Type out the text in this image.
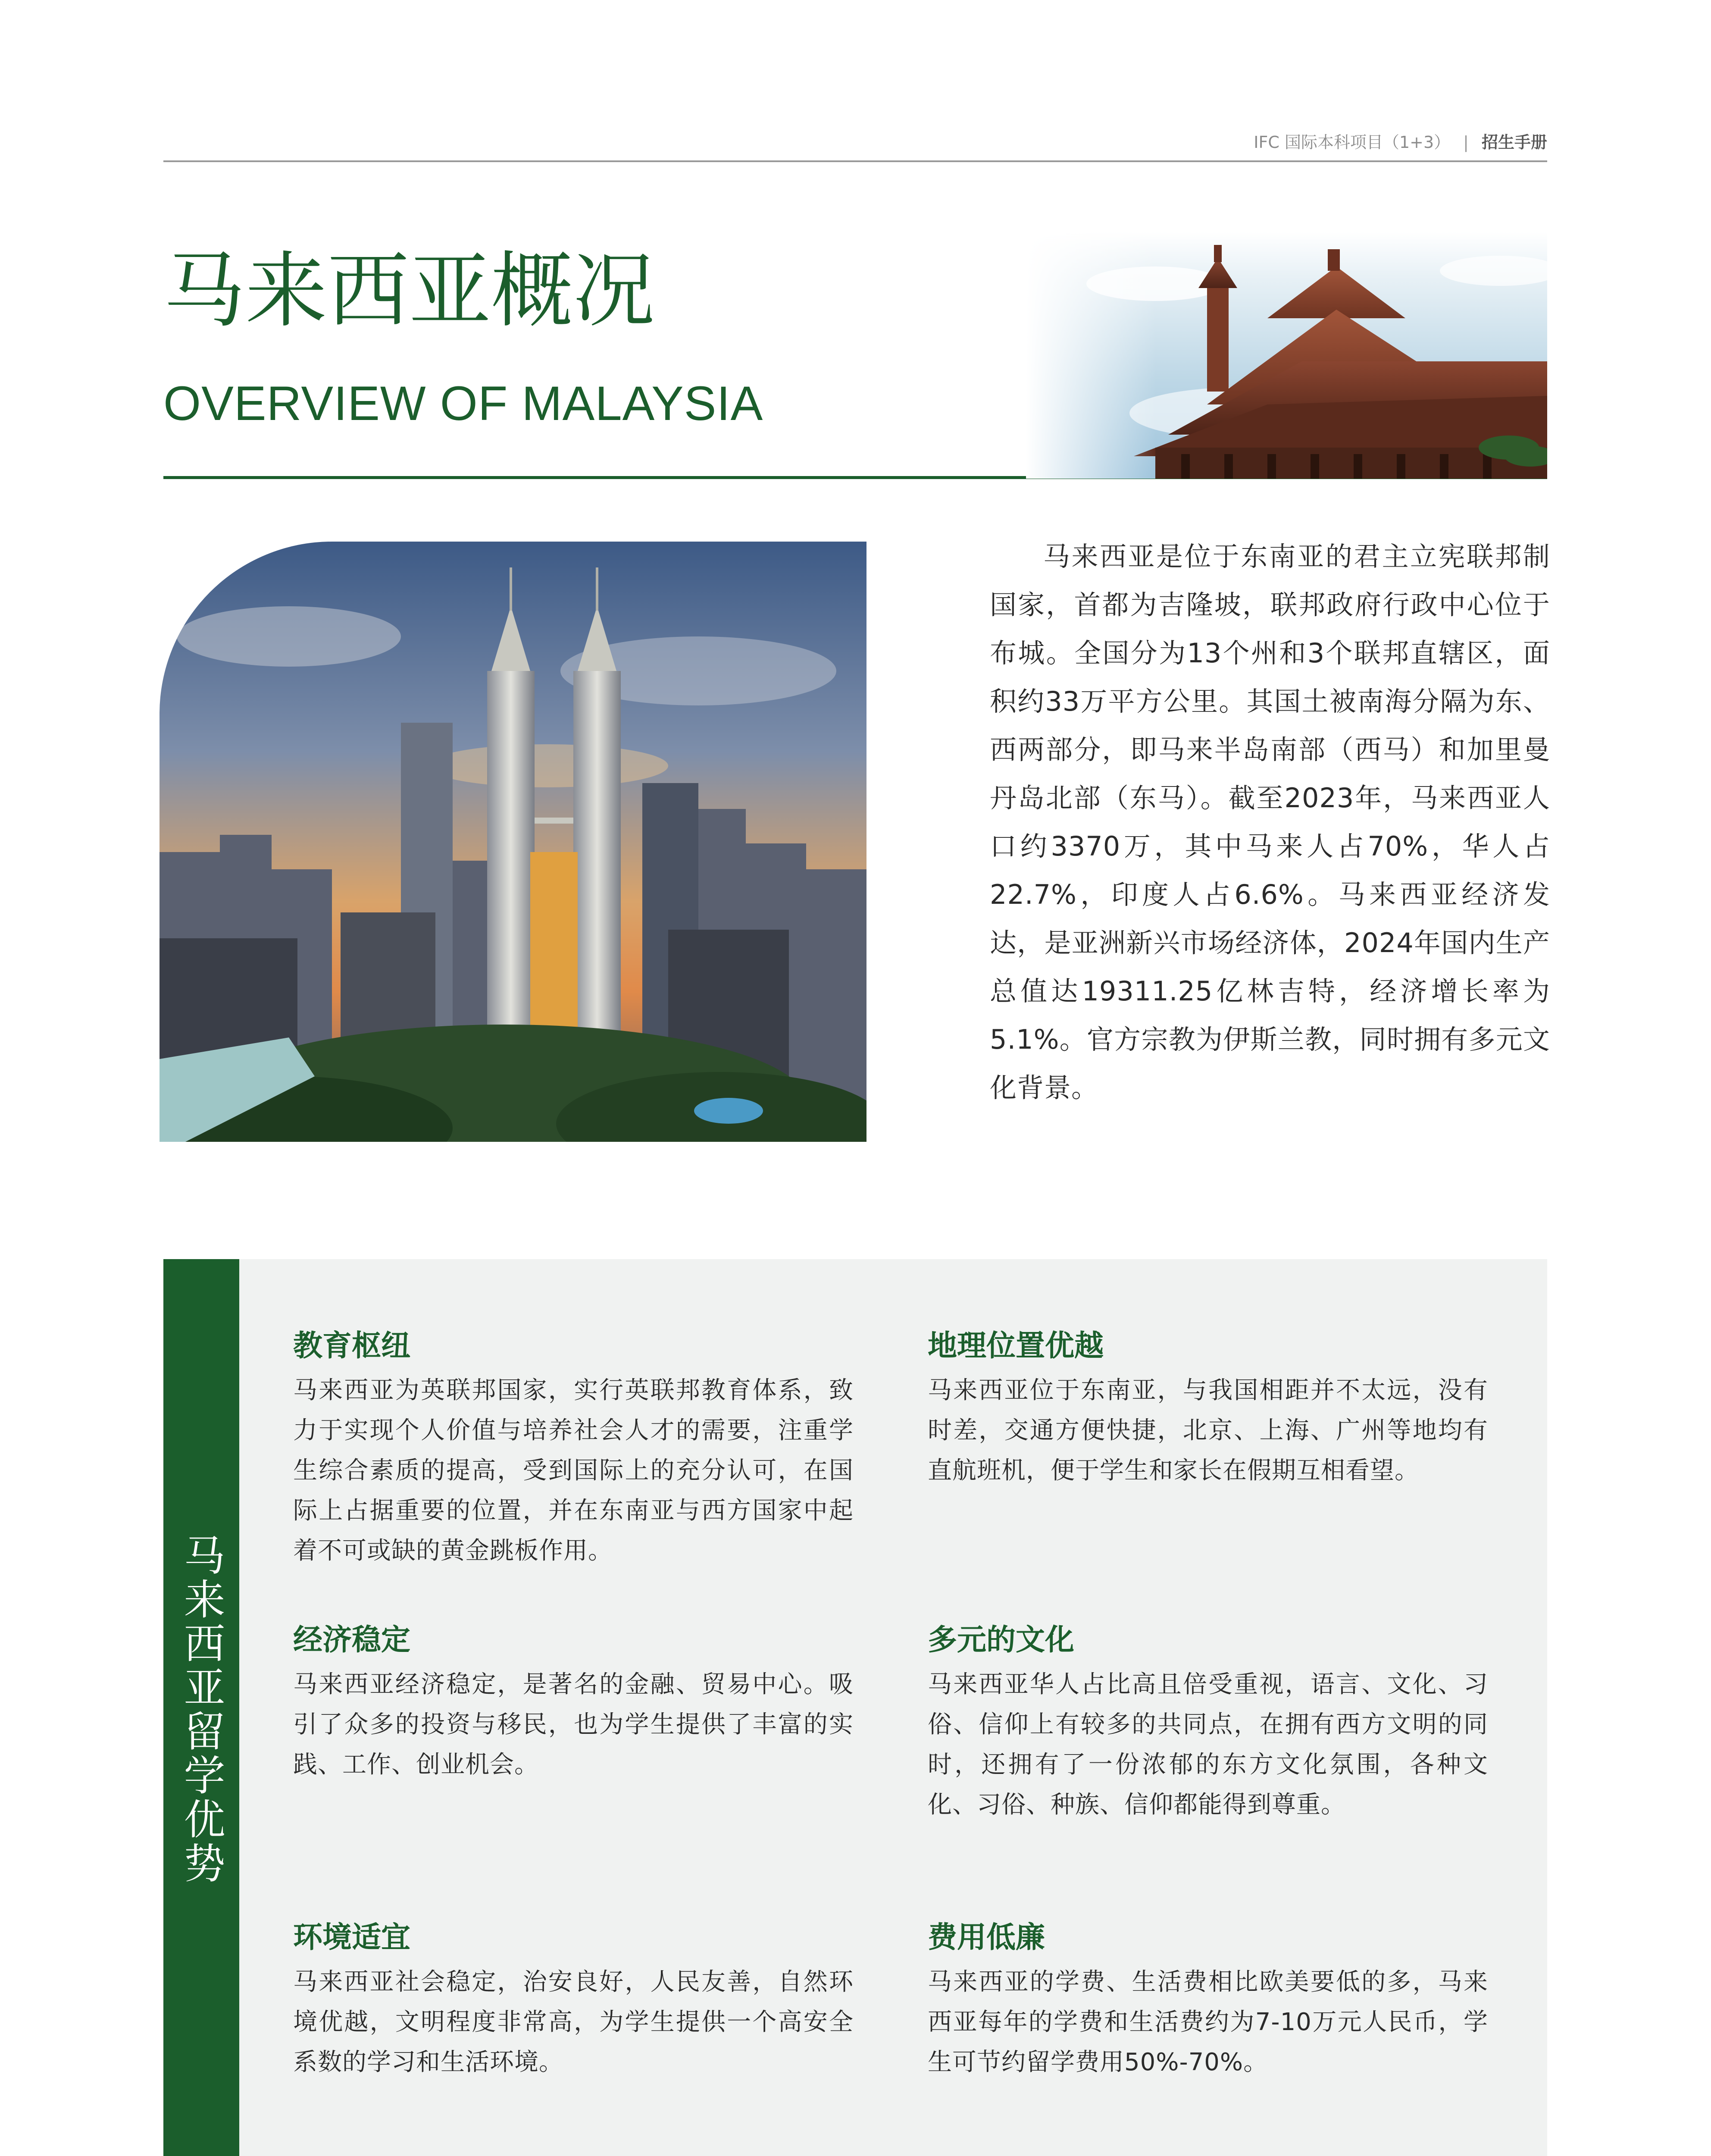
IFC 国际本科项目（1+3） | 招生手册
马来西亚概况
OVERVIEW OF MALAYSIA
马来西亚是位于东南亚的君主立宪联邦制国家，首都为吉隆坡，联邦政府行政中心位于布城。全国分为13个州和3个联邦直辖区，面积约33万平方公里。其国土被南海分隔为东、西两部分，即马来半岛南部（西马）和加里曼丹岛北部（东马）。截至2023年，马来西亚人口约3370万，其中马来人占70%，华人占22.7%，印度人占6.6%。马来西亚经济发达，是亚洲新兴市场经济体，2024年国内生产总值达19311.25亿林吉特，经济增长率为5.1%。官方宗教为伊斯兰教，同时拥有多元文化背景。
马来西亚留学优势
教育枢纽
马来西亚为英联邦国家，实行英联邦教育体系，致力于实现个人价值与培养社会人才的需要，注重学生综合素质的提高，受到国际上的充分认可，在国际上占据重要的位置，并在东南亚与西方国家中起着不可或缺的黄金跳板作用。
经济稳定
马来西亚经济稳定，是著名的金融、贸易中心。吸引了众多的投资与移民，也为学生提供了丰富的实践、工作、创业机会。
环境适宜
马来西亚社会稳定，治安良好，人民友善，自然环境优越，文明程度非常高，为学生提供一个高安全系数的学习和生活环境。
地理位置优越
马来西亚位于东南亚，与我国相距并不太远，没有时差，交通方便快捷，北京、上海、广州等地均有直航班机，便于学生和家长在假期互相看望。
多元的文化
马来西亚华人占比高且倍受重视，语言、文化、习俗、信仰上有较多的共同点，在拥有西方文明的同时，还拥有了一份浓郁的东方文化氛围，各种文化、习俗、种族、信仰都能得到尊重。
费用低廉
马来西亚的学费、生活费相比欧美要低的多，马来西亚每年的学费和生活费约为7-10万元人民币，学生可节约留学费用50%-70%。
